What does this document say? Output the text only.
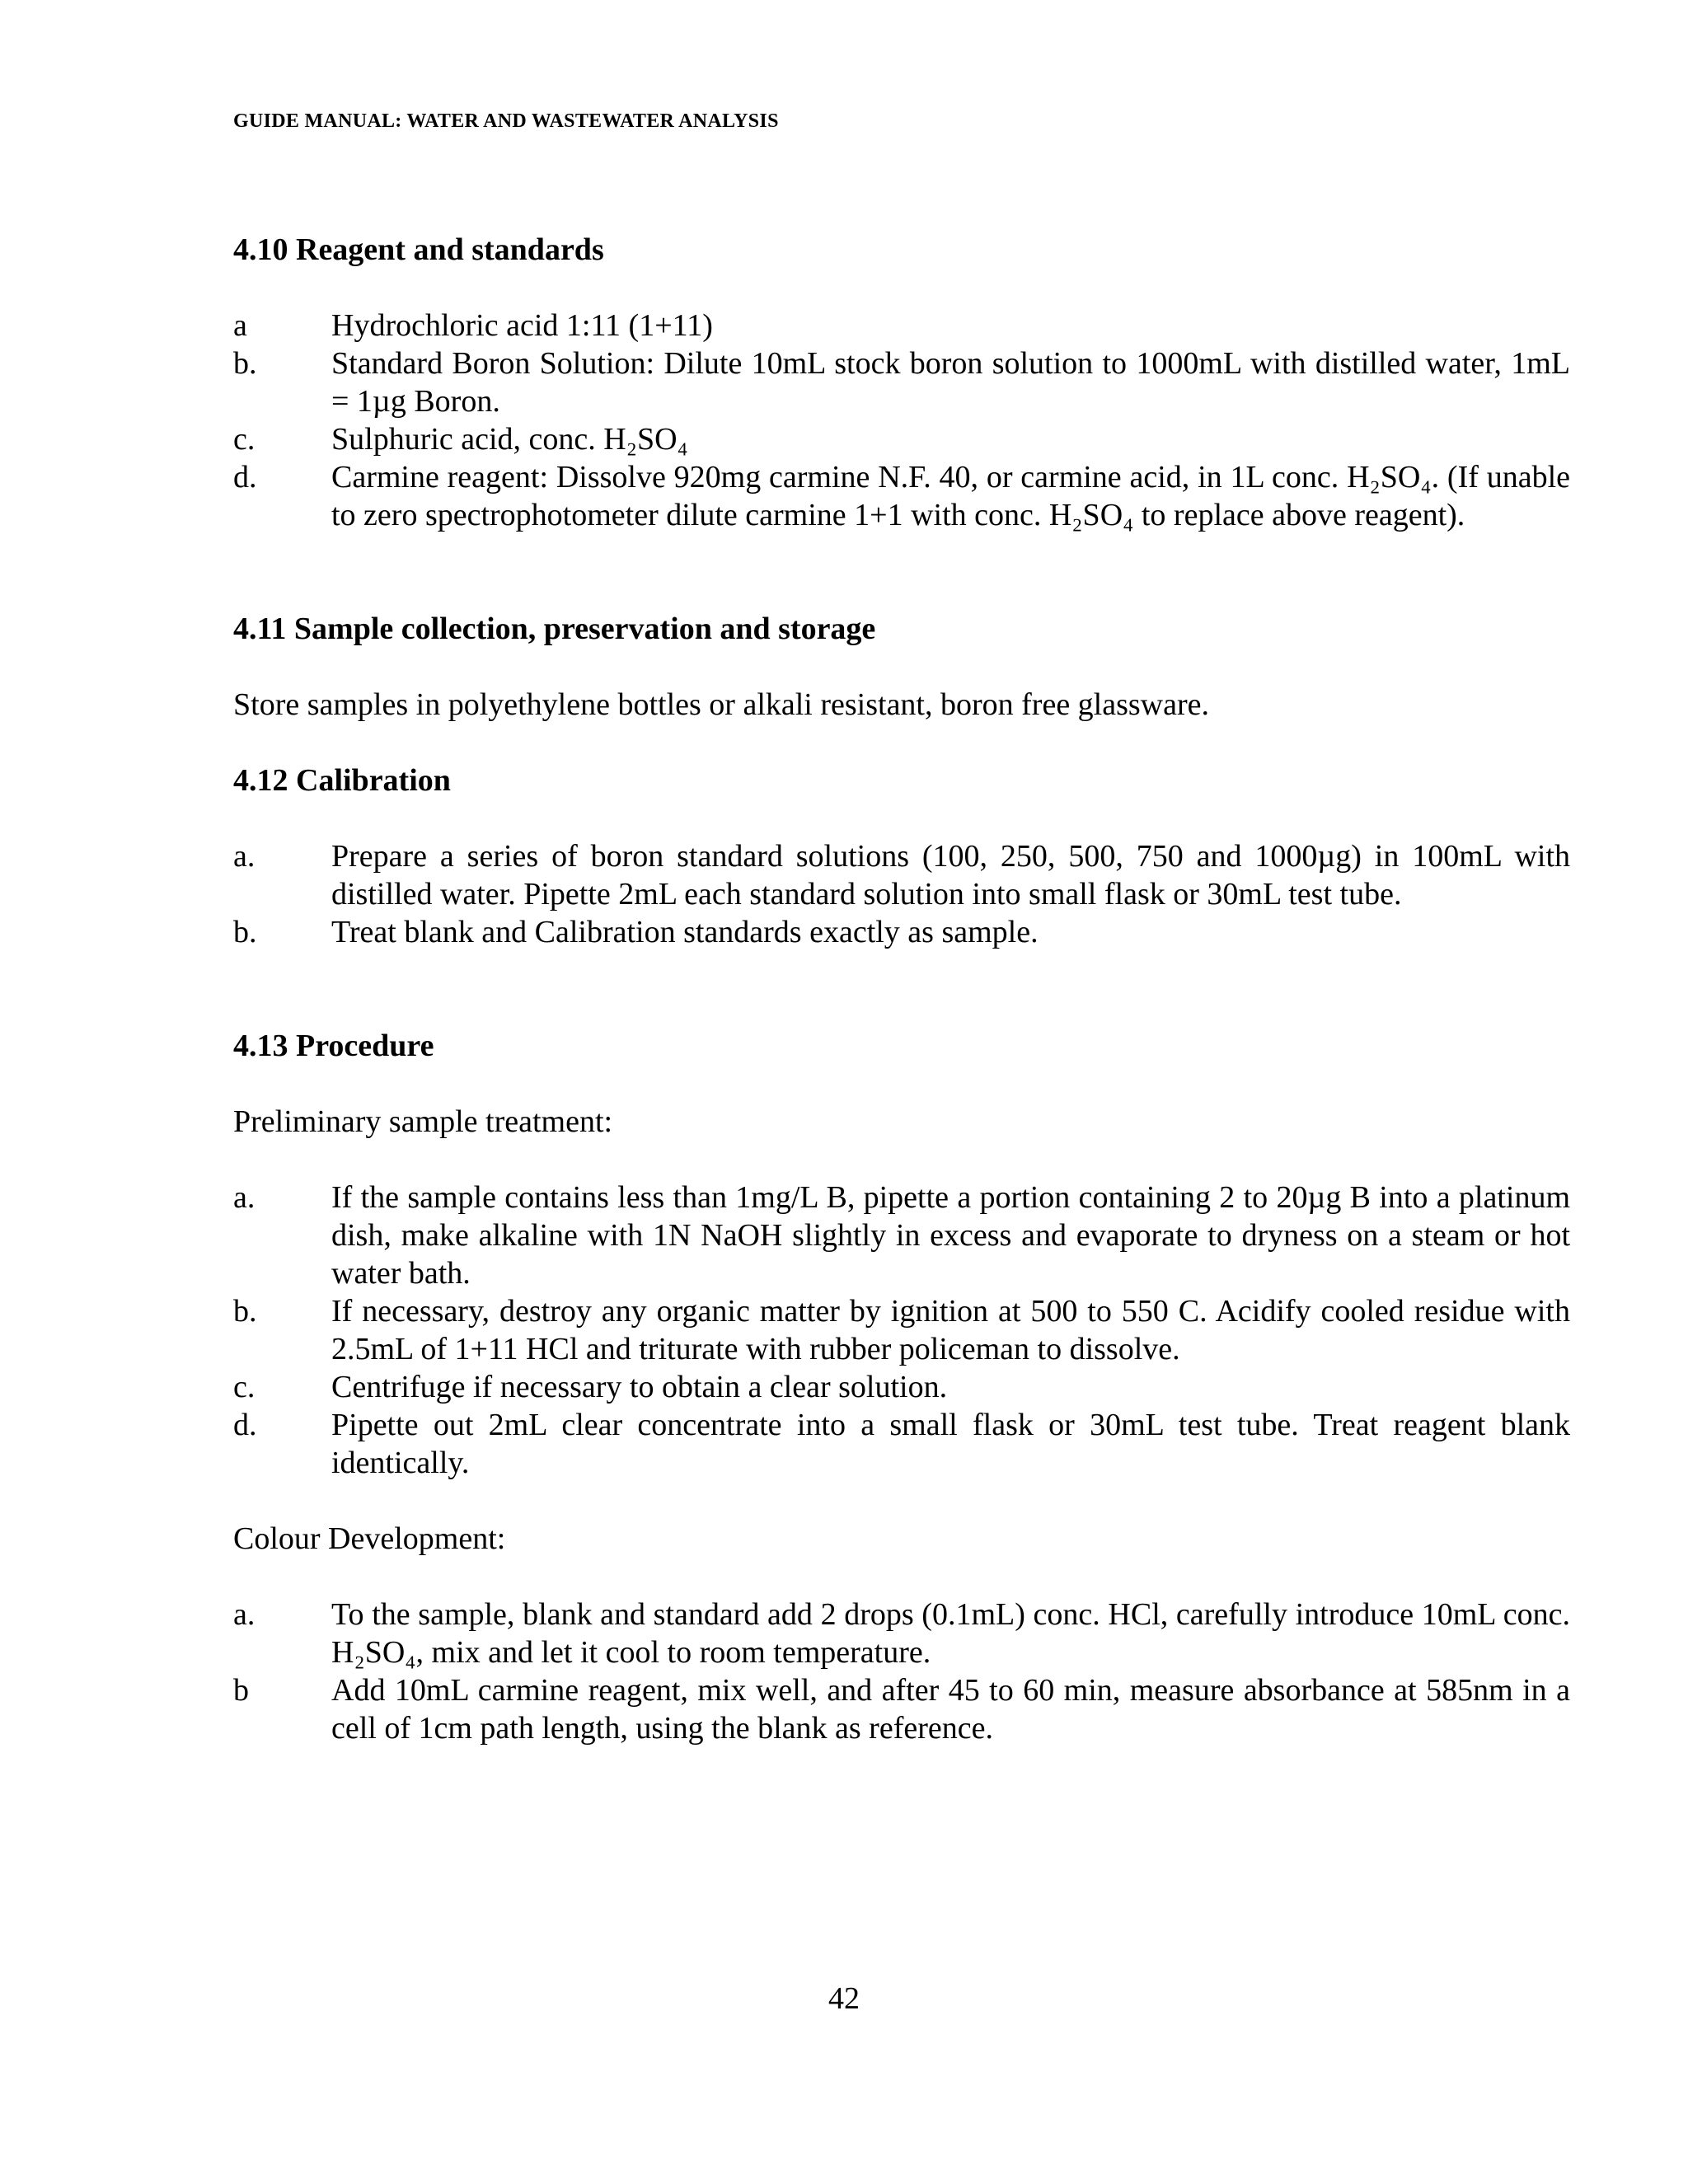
GUIDE MANUAL: WATER AND WASTEWATER ANALYSIS
4.10 Reagent and standards
a	Hydrochloric acid 1:11 (1+11)
b.	Standard Boron Solution: Dilute 10mL stock boron solution to 1000mL with distilled water, 1mL = 1µg Boron.
c.	Sulphuric acid, conc. H₂SO₄
d.	Carmine reagent: Dissolve 920mg carmine N.F. 40, or carmine acid, in 1L conc. H₂SO₄. (If unable to zero spectrophotometer dilute carmine 1+1 with conc. H₂SO₄ to replace above reagent).
4.11 Sample collection, preservation and storage

Store samples in polyethylene bottles or alkali resistant, boron free glassware.

4.12 Calibration
a.	Prepare a series of boron standard solutions (100, 250, 500, 750 and 1000µg) in 100mL with distilled water. Pipette 2mL each standard solution into small flask or 30mL test tube.
b.	Treat blank and Calibration standards exactly as sample.
4.13 Procedure

Preliminary sample treatment:

a.	If the sample contains less than 1mg/L B, pipette a portion containing 2 to 20µg B into a platinum dish, make alkaline with 1N NaOH slightly in excess and evaporate to dryness on a steam or hot water bath.
b.	If necessary, destroy any organic matter by ignition at 500 to 550 C. Acidify cooled residue with 2.5mL of 1+11 HCl and triturate with rubber policeman to dissolve.
c.	Centrifuge if necessary to obtain a clear solution.
d.	Pipette out 2mL clear concentrate into a small flask or 30mL test tube. Treat reagent blank identically.

Colour Development:

a.	To the sample, blank and standard add 2 drops (0.1mL) conc. HCl, carefully introduce 10mL conc. H₂SO₄, mix and let it cool to room temperature.
b	Add 10mL carmine reagent, mix well, and after 45 to 60 min, measure absorbance at 585nm in a cell of 1cm path length, using the blank as reference.
42
